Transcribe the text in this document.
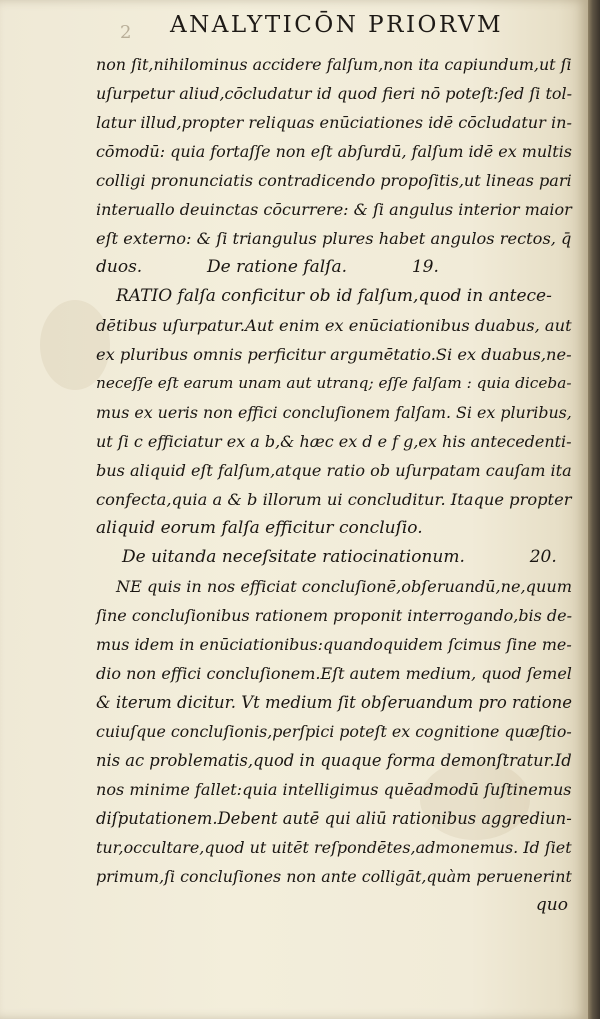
2 ANALYTICŌN PRIORVM
non ſit,nihilominus accidere falſum,non ita capiundum,ut ſi
uſurpetur aliud,cōcludatur id quod fieri nō poteſt:ſed ſi tol-
latur illud,propter reliquas enūciationes idē cōcludatur in-
cōmodū: quia fortaſſe non eſt abſurdū, falſum idē ex multis
colligi pronunciatis contradicendo propoſitis,ut lineas pari
interuallo deuinctas cōcurrere: & ſi angulus interior maior
eſt externo: & ſi triangulus plures habet angulos rectos, q̄
duos.            De ratione falſa.            19.
RATIO falſa conficitur ob id falſum,quod in antece-
dētibus uſurpatur.Aut enim ex enūciationibus duabus, aut
ex pluribus omnis perficitur argumētatio.Si ex duabus,ne-
neceſſe eſt earum unam aut utranq; eſſe falſam : quia diceba-
mus ex ueris non effici concluſionem falſam. Si ex pluribus,
ut ſi c efficiatur ex a b,& hæc ex d e f g,ex his antecedenti-
bus aliquid eſt falſum,atque ratio ob uſurpatam cauſam ita
confecta,quia a & b illorum ui concluditur. Itaque propter
aliquid eorum falſa efficitur concluſio.
De uitanda neceſsitate ratiocinationum.            20.
NE quis in nos efficiat concluſionē,obſeruandū,ne,quum
ſine concluſionibus rationem proponit interrogando,bis de-
mus idem in enūciationibus:quandoquidem ſcimus ſine me-
dio non effici concluſionem.Eſt autem medium, quod ſemel
& iterum dicitur. Vt medium ſit obſeruandum pro ratione
cuiuſque concluſionis,perſpici poteſt ex cognitione quæſtio-
nis ac problematis,quod in quaque forma demonſtratur.Id
nos minime fallet:quia intelligimus quēadmodū ſuſtinemus
diſputationem.Debent autē qui aliū rationibus aggrediun-
tur,occultare,quod ut uitēt reſpondētes,admonemus. Id ſiet
primum,ſi concluſiones non ante colligāt,quàm peruenerint
quo
